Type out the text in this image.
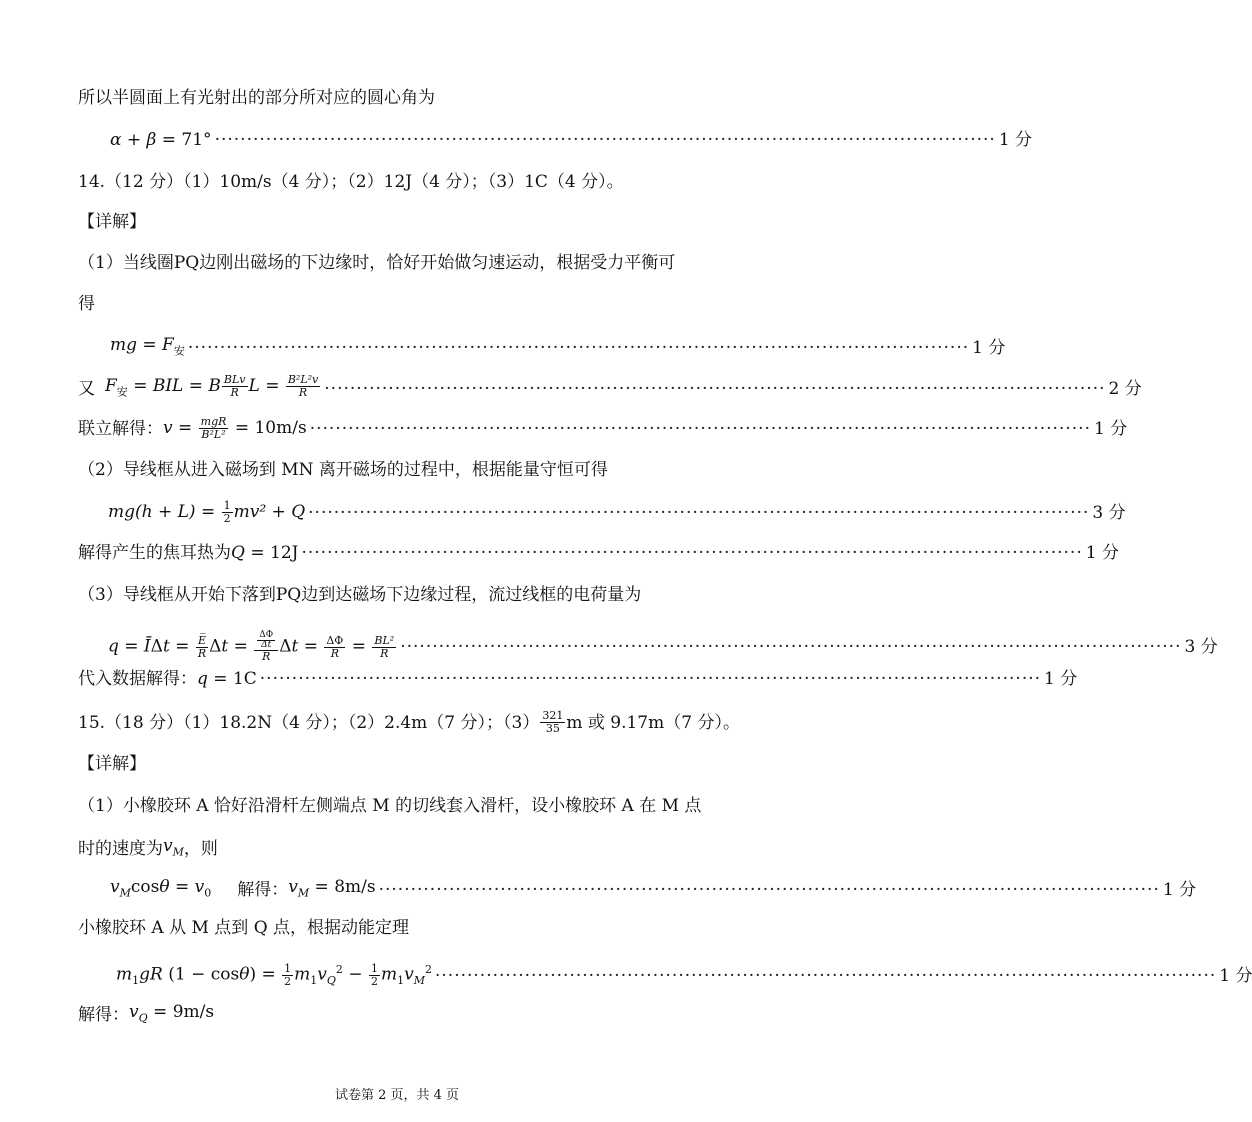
所以半圆面上有光射出的部分所对应的圆心角为
α + β = 71° ·························································································································· 1 分
14.（12 分）（1）10m/s（4 分）；（2）12J（4 分）；（3）1C（4 分）。
【详解】
（1）当线圈PQ边刚出磁场的下边缘时，恰好开始做匀速运动，根据受力平衡可
得
mg = $F_安$ ·························································································································· 1 分
又 $F_安$ = BIL = B $\frac{\text{BLv}}{R}$ $L = \frac{\text{B²L²v}}{R}$ ·························································································································· 2 分
联立解得： $v = \frac{\text{mgR}}{\text{B²L²}} = 10m/s$ ·························································································································· 1 分
（2）导线框从进入磁场到 MN 离开磁场的过程中，根据能量守恒可得
$mg(h + L) = \frac{1}{2} mv^2 + Q$ ·························································································································· 3 分
解得产生的焦耳热为 Q = 12J ·························································································································· 1 分
（3）导线框从开始下落到PQ边到达磁场下边缘过程，流过线框的电荷量为
q = ĪΔt = $\frac{E̅}{R}$ $\Delta t = \frac{\frac{\Delta\Phi}{\Delta t}}{R}$ $\Delta t = \frac{\Delta\Phi}{R} = \frac{\text{BL²}}{R}$ ·························································································································· 3 分
代入数据解得： q = 1C ·························································································································· 1 分
15.（18 分）（1）18.2N（4 分）；（2）2.4m（7 分）；$(3) \frac{321}{35}$ m 或 9.17m（7 分）。
【详解】
（1）小橡胶环 A 恰好沿滑杆左侧端点 M 的切线套入滑杆，设小橡胶环 A 在 M 点
时的速度为 $v_M$ ，则
$v_M\cos\theta = v_0$ 解得： $v_M = 8m/s$ ·························································································································· 1 分
小橡胶环 A 从 M 点到 Q 点，根据动能定理
$m_1gR$ $(1 - \cos\theta) = \frac{1}{2} m_1v_Q^2 - \frac{1}{2} m_1v_M^2$ ·························································································································· 1 分
解得： $v_Q = 9m/s$
试卷第 2 页，共 4 页
